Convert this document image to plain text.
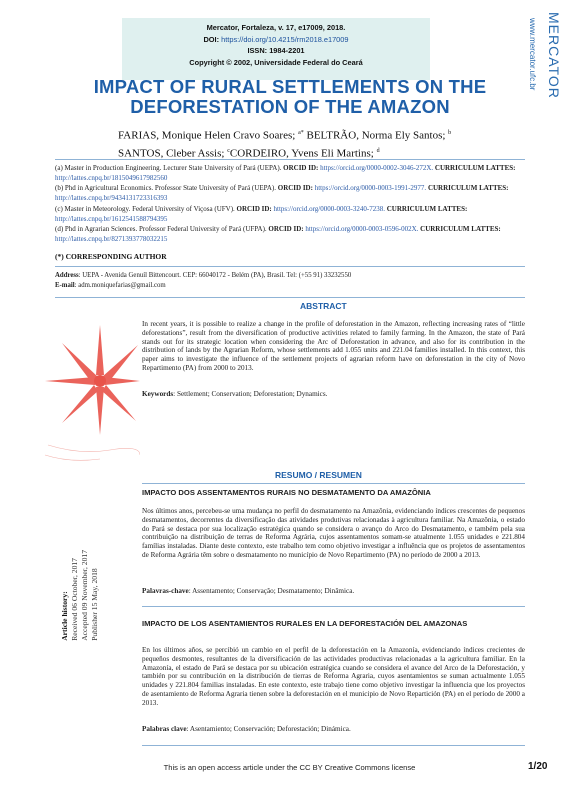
Mercator, Fortaleza, v. 17, e17009, 2018.
DOI: https://doi.org/10.4215/rm2018.e17009
ISSN: 1984-2201
Copyright © 2002, Universidade Federal do Ceará	MERCATOR
www.mercator.ufc.br
IMPACT OF RURAL SETTLEMENTS ON THE
DEFORESTATION OF THE AMAZON
FARIAS, Monique Helen Cravo Soares; $^{a*}$ BELTRÃO, Norma Ely Santos; $^b$
SANTOS, Cleber Assis; $^c$CORDEIRO, Yvens Eli Martins; $^d$
(a) Master in Production Engineering. Lecturer State University of Pará (UEPA). ORCID ID: https://orcid.org/0000-0002-3046-272X. CURRICULUM LATTES: http://lattes.cnpq.br/1815049617982560
(b) Phd in Agricultural Economics. Professor State University of Pará (UEPA). ORCID ID: https://orcid.org/0000-0003-1991-2977. CURRICULUM LATTES: http://lattes.cnpq.br/9434131723316393
(c) Master in Meteorology. Federal University of Viçosa (UFV). ORCID ID: https://orcid.org/0000-0003-3240-7238. CURRICULUM LATTES: http://lattes.cnpq.br/1612541588794395
(d) Phd in Agrarian Sciences. Professor Federal University of Pará (UFPA). ORCID ID: https://orcid.org/0000-0003-0596-002X. CURRICULUM LATTES: http://lattes.cnpq.br/8271393778032215
(*) CORRESPONDING AUTHOR
Address: UEPA - Avenida Genuíl Bittencourt. CEP: 66040172 - Belém (PA), Brasil. Tel: (+55 91) 33232550
E-mail: adm.moniquefarias@gmail.com
ABSTRACT
In recent years, it is possible to realize a change in the profile of deforestation in the Amazon, reflecting increasing rates of “little deforestations”, result from the diversification of productive activities related to family farming. In the Amazon, the state of Pará stands out for its strategic location when considering the Arc of Deforestation in advance, and also for its contribution in the distribution of lands by the Agrarian Reform, whose settlements add 1.055 units and 221.04 families installed. In this context, this paper aims to investigate the influence of the settlement projects of agrarian reform have on deforestation in the city of Novo Repartimento (PA) from 2000 to 2013.
Keywords: Settlement; Conservation; Deforestation; Dynamics.
RESUMO / RESUMEN
IMPACTO DOS ASSENTAMENTOS RURAIS NO DESMATAMENTO DA AMAZÔNIA
Nos últimos anos, percebeu-se uma mudança no perfil do desmatamento na Amazônia, evidenciando índices crescentes de pequenos desmatamentos, decorrentes da diversificação das atividades produtivas relacionadas à agricultura familiar. Na Amazônia, o estado do Pará se destaca por sua localização estratégica quando se considera o avanço do Arco do Desmatamento, e também pela sua contribuição na distribuição de terras de Reforma Agrária, cujos assentamentos somam-se atualmente 1.055 unidades e 221.804 famílias instaladas. Diante deste contexto, este trabalho tem como objetivo investigar a influência que os projetos de assentamentos de Reforma Agrária têm sobre o desmatamento no município de Novo Repartimento (PA) no período de 2000 a 2013.
Palavras-chave: Assentamento; Conservação; Desmatamento; Dinâmica.
IMPACTO DE LOS ASENTAMIENTOS RURALES EN LA DEFORESTACIÓN DEL AMAZONAS
En los últimos años, se percibió un cambio en el perfil de la deforestación en la Amazonía, evidenciando índices crecientes de pequeños desmontes, resultantes de la diversificación de las actividades productivas relacionadas a la agricultura familiar. En la Amazonía, el estado de Pará se destaca por su ubicación estratégica cuando se considera el avance del Arco de la Deforestación, y también por su contribución en la distribución de tierras de Reforma Agraria, cuyos asentamientos se suman actualmente 1.055 unidades y 221.804 familias instaladas. En este contexto, este trabajo tiene como objetivo investigar la influencia que los proyectos de asentamiento de Reforma Agraria tienen sobre la deforestación en el municipio de Novo Repartición (PA) en el período de 2000 a 2013.
Palabras clave: Asentamiento; Conservación; Deforestación; Dinámica.
Article history: Received 06 October, 2017 Accepted 09 November, 2017 Publisher 15 May, 2018
This is an open access article under the CC BY Creative Commons license	1/20
